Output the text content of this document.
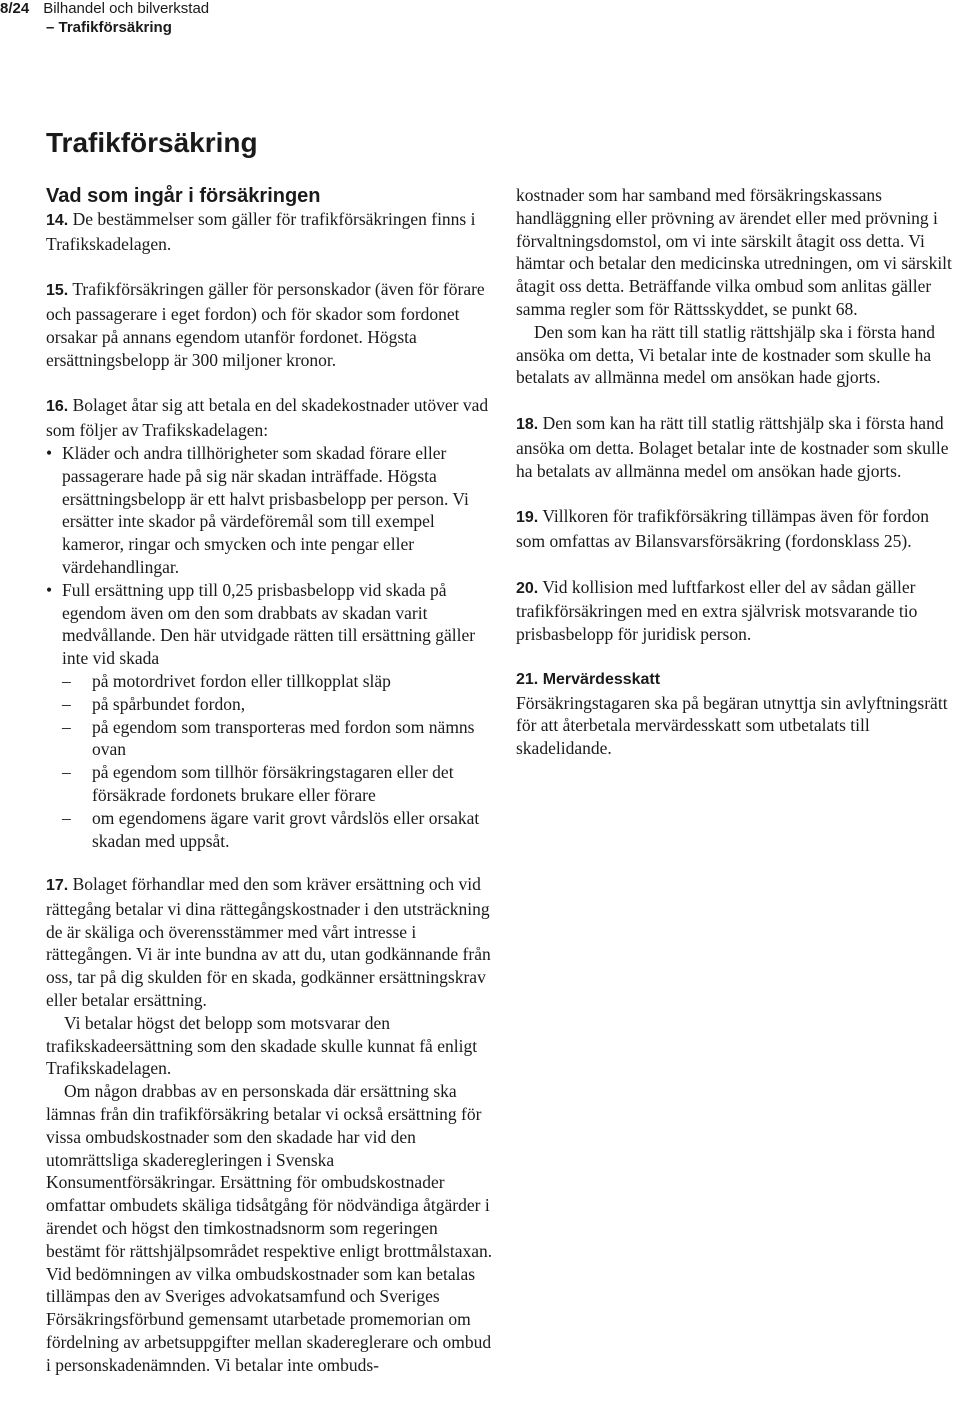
8/24 Bilhandel och bilverkstad
– Trafikförsäkring
Trafikförsäkring
Vad som ingår i försäkringen

14. De bestämmelser som gäller för trafikförsäkringen finns i Trafikskadelagen.

15. Trafikförsäkringen gäller för personskador (även för förare och passagerare i eget fordon) och för skador som fordonet orsakar på annans egendom utanför fordonet. Högsta ersättningsbelopp är 300 miljoner kronor.

16. Bolaget åtar sig att betala en del skadekostnader utöver vad som följer av Trafikskadelagen:

• Kläder och andra tillhörigheter som skadad förare eller passagerare hade på sig när skadan inträffade. Högsta ersättningsbelopp är ett halvt prisbasbelopp per person. Vi ersätter inte skador på värdeföremål som till exempel kameror, ringar och smycken och inte pengar eller värdehandlingar.
• Full ersättning upp till 0,25 prisbasbelopp vid skada på egendom även om den som drabbats av skadan varit medvållande. Den här utvidgade rätten till ersättning gäller inte vid skada
–	på motordrivet fordon eller tillkopplat släp
–	på spårbundet fordon,
–	på egendom som transporteras med fordon som nämns ovan
–	på egendom som tillhör försäkringstagaren eller det försäkrade fordonets brukare eller förare
–	om egendomens ägare varit grovt vårdslös eller orsakat skadan med uppsåt.

17. Bolaget förhandlar med den som kräver ersättning och vid rättegång betalar vi dina rättegångskostnader i den utsträckning de är skäliga och överensstämmer med vårt intresse i rättegången. Vi är inte bundna av att du, utan godkännande från oss, tar på dig skulden för en skada, godkänner ersättningskrav eller betalar ersättning.

Vi betalar högst det belopp som motsvarar den trafikskadeersättning som den skadade skulle kunnat få enligt Trafikskadelagen.

Om någon drabbas av en personskada där ersättning ska lämnas från din trafikförsäkring betalar vi också ersättning för vissa ombudskostnader som den skadade har vid den utomrättsliga skaderegleringen i Svenska Konsumentförsäkringar. Ersättning för ombudskostnader omfattar ombudets skäliga tidsåtgång för nödvändiga åtgärder i ärendet och högst den timkostnadsnorm som regeringen bestämt för rättshjälpsområdet respektive enligt brottmålstaxan. Vid bedömningen av vilka ombudskostnader som kan betalas tillämpas den av Sveriges advokatsamfund och Sveriges Försäkringsförbund gemensamt utarbetade promemorian om fördelning av arbetsuppgifter mellan skadereglerare och ombud i personskadenämnden. Vi betalar inte ombuds-

kostnader som har samband med försäkringskassans handläggning eller prövning av ärendet eller med prövning i förvaltningsdomstol, om vi inte särskilt åtagit oss detta. Vi hämtar och betalar den medicinska utredningen, om vi särskilt åtagit oss detta. Beträffande vilka ombud som anlitas gäller samma regler som för Rättsskyddet, se punkt 68.

Den som kan ha rätt till statlig rättshjälp ska i första hand ansöka om detta, Vi betalar inte de kostnader som skulle ha betalats av allmänna medel om ansökan hade gjorts.

18. Den som kan ha rätt till statlig rättshjälp ska i första hand ansöka om detta. Bolaget betalar inte de kostnader som skulle ha betalats av allmänna medel om ansökan hade gjorts.

19. Villkoren för trafikförsäkring tillämpas även för fordon som omfattas av Bilansvarsförsäkring (fordonsklass 25).

20. Vid kollision med luftfarkost eller del av sådan gäller trafikförsäkringen med en extra självrisk motsvarande tio prisbasbelopp för juridisk person.

21. Mervärdesskatt

Försäkringstagaren ska på begäran utnyttja sin avlyftningsrätt för att återbetala mervärdesskatt som utbetalats till skadelidande.
